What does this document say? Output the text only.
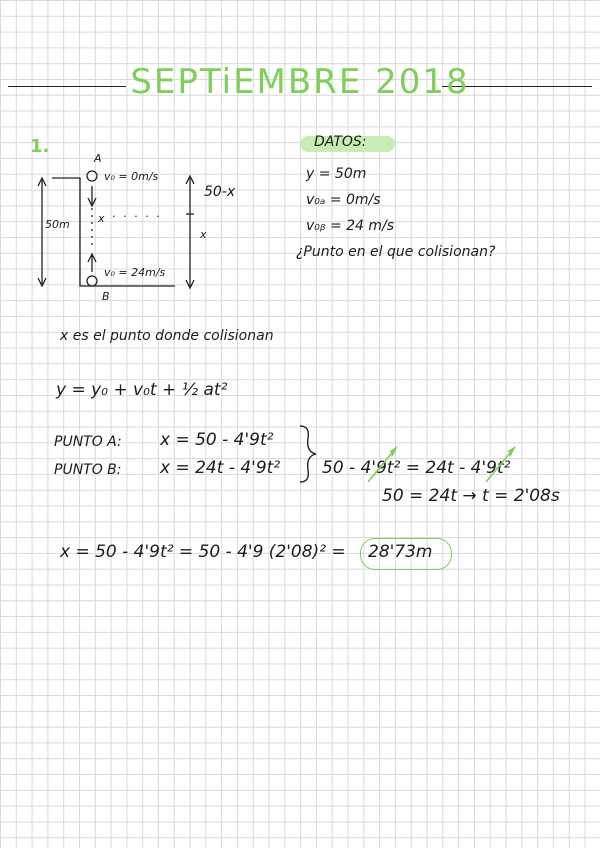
SEPTiEMBRE 2018
1.
A
B
v₀ = 0m/s
v₀ = 24m/s
50m	x · · · · ·
50-x
x
DATOS:
y = 50m
v₀ₐ = 0m/s
v₀ᵦ = 24 m/s
¿Punto en el que colisionan?
x es el punto donde colisionan
y = y₀ + v₀t + ½ at²
PUNTO A: x = 50 - 4'9t²
PUNTO B: x = 24t - 4'9t² 50 - 4'9t² = 24t - 4'9t²
50 = 24t → t = 2'08s
x = 50 - 4'9t² = 50 - 4'9 (2'08)² = 28'73m
